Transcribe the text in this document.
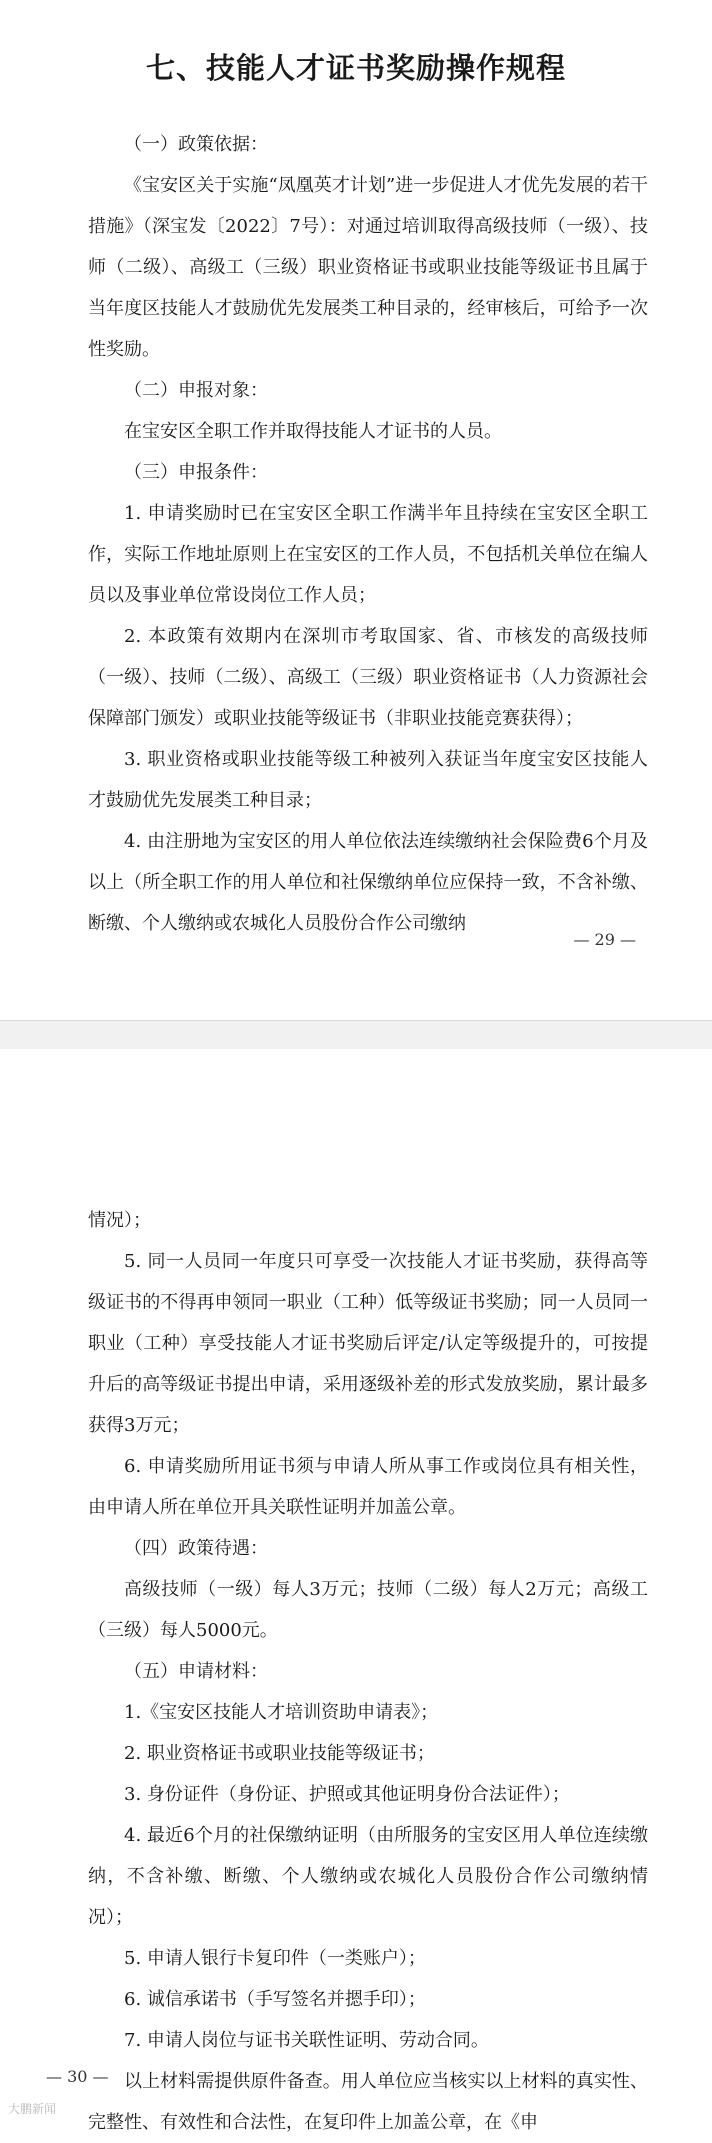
七、技能人才证书奖励操作规程

（一）政策依据：

《宝安区关于实施“凤凰英才计划”进一步促进人才优先发展的若干措施》（深宝发〔2022〕7号）：对通过培训取得高级技师（一级）、技师（二级）、高级工（三级）职业资格证书或职业技能等级证书且属于当年度区技能人才鼓励优先发展类工种目录的，经审核后，可给予一次性奖励。

（二）申报对象：

在宝安区全职工作并取得技能人才证书的人员。

（三）申报条件：

1. 申请奖励时已在宝安区全职工作满半年且持续在宝安区全职工作，实际工作地址原则上在宝安区的工作人员，不包括机关单位在编人员以及事业单位常设岗位工作人员；

2. 本政策有效期内在深圳市考取国家、省、市核发的高级技师（一级）、技师（二级）、高级工（三级）职业资格证书（人力资源社会保障部门颁发）或职业技能等级证书（非职业技能竞赛获得）；

3. 职业资格或职业技能等级工种被列入获证当年度宝安区技能人才鼓励优先发展类工种目录；

4. 由注册地为宝安区的用人单位依法连续缴纳社会保险费6个月及以上（所全职工作的用人单位和社保缴纳单位应保持一致，不含补缴、断缴、个人缴纳或农城化人员股份合作公司缴纳

— 29 —

情况）；

5. 同一人员同一年度只可享受一次技能人才证书奖励，获得高等级证书的不得再申领同一职业（工种）低等级证书奖励；同一人员同一职业（工种）享受技能人才证书奖励后评定/认定等级提升的，可按提升后的高等级证书提出申请，采用逐级补差的形式发放奖励，累计最多获得3万元；

6. 申请奖励所用证书须与申请人所从事工作或岗位具有相关性，由申请人所在单位开具关联性证明并加盖公章。

（四）政策待遇：

高级技师（一级）每人3万元；技师（二级）每人2万元；高级工（三级）每人5000元。

（五）申请材料：

1.《宝安区技能人才培训资助申请表》；

2. 职业资格证书或职业技能等级证书；

3. 身份证件（身份证、护照或其他证明身份合法证件）；

4. 最近6个月的社保缴纳证明（由所服务的宝安区用人单位连续缴纳，不含补缴、断缴、个人缴纳或农城化人员股份合作公司缴纳情况）；

5. 申请人银行卡复印件（一类账户）；

6. 诚信承诺书（手写签名并摁手印）；

7. 申请人岗位与证书关联性证明、劳动合同。

以上材料需提供原件备查。用人单位应当核实以上材料的真实性、完整性、有效性和合法性，在复印件上加盖公章，在《申

— 30 —
大鹏新闻
